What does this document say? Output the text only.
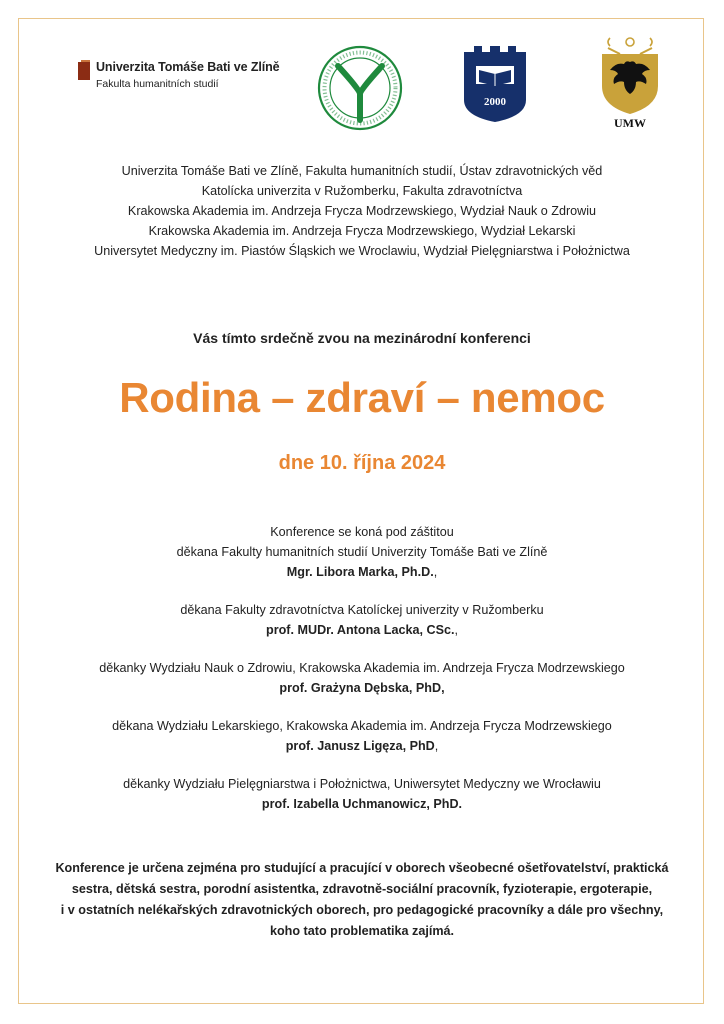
Univerzita Tomáše Bati ve Zlíně
Fakulta humanitních studií
2000
UMW
Univerzita Tomáše Bati ve Zlíně, Fakulta humanitních studií, Ústav zdravotnických věd
Katolícka univerzita v Ružomberku, Fakulta zdravotníctva
Krakowska Akademia im. Andrzeja Frycza Modrzewskiego, Wydział Nauk o Zdrowiu
Krakowska Akademia im. Andrzeja Frycza Modrzewskiego, Wydział Lekarski
Universytet Medyczny im. Piastów Śląskich we Wroclawiu, Wydział Pielęgniarstwa i Położnictwa
Vás tímto srdečně zvou na mezinárodní konferenci
Rodina – zdraví – nemoc
dne 10. října 2024
Konference se koná pod záštitou
děkana Fakulty humanitních studií Univerzity Tomáše Bati ve Zlíně
Mgr. Libora Marka, Ph.D.,
děkana Fakulty zdravotníctva Katolíckej univerzity v Ružomberku
prof. MUDr. Antona Lacka, CSc.,
děkanky Wydziału Nauk o Zdrowiu, Krakowska Akademia im. Andrzeja Frycza Modrzewskiego
prof. Grażyna Dębska, PhD,
děkana Wydziału Lekarskiego, Krakowska Akademia im. Andrzeja Frycza Modrzewskiego
prof. Janusz Ligęza, PhD,
děkanky Wydziału Pielęgniarstwa i Położnictwa, Uniwersytet Medyczny we Wrocławiu
prof. Izabella Uchmanowicz, PhD.
Konference je určena zejména pro studující a pracující v oborech všeobecné ošetřovatelství, praktická
sestra, dětská sestra, porodní asistentka, zdravotně-sociální pracovník, fyzioterapie, ergoterapie,
i v ostatních nelékařských zdravotnických oborech, pro pedagogické pracovníky a dále pro všechny,
koho tato problematika zajímá.
